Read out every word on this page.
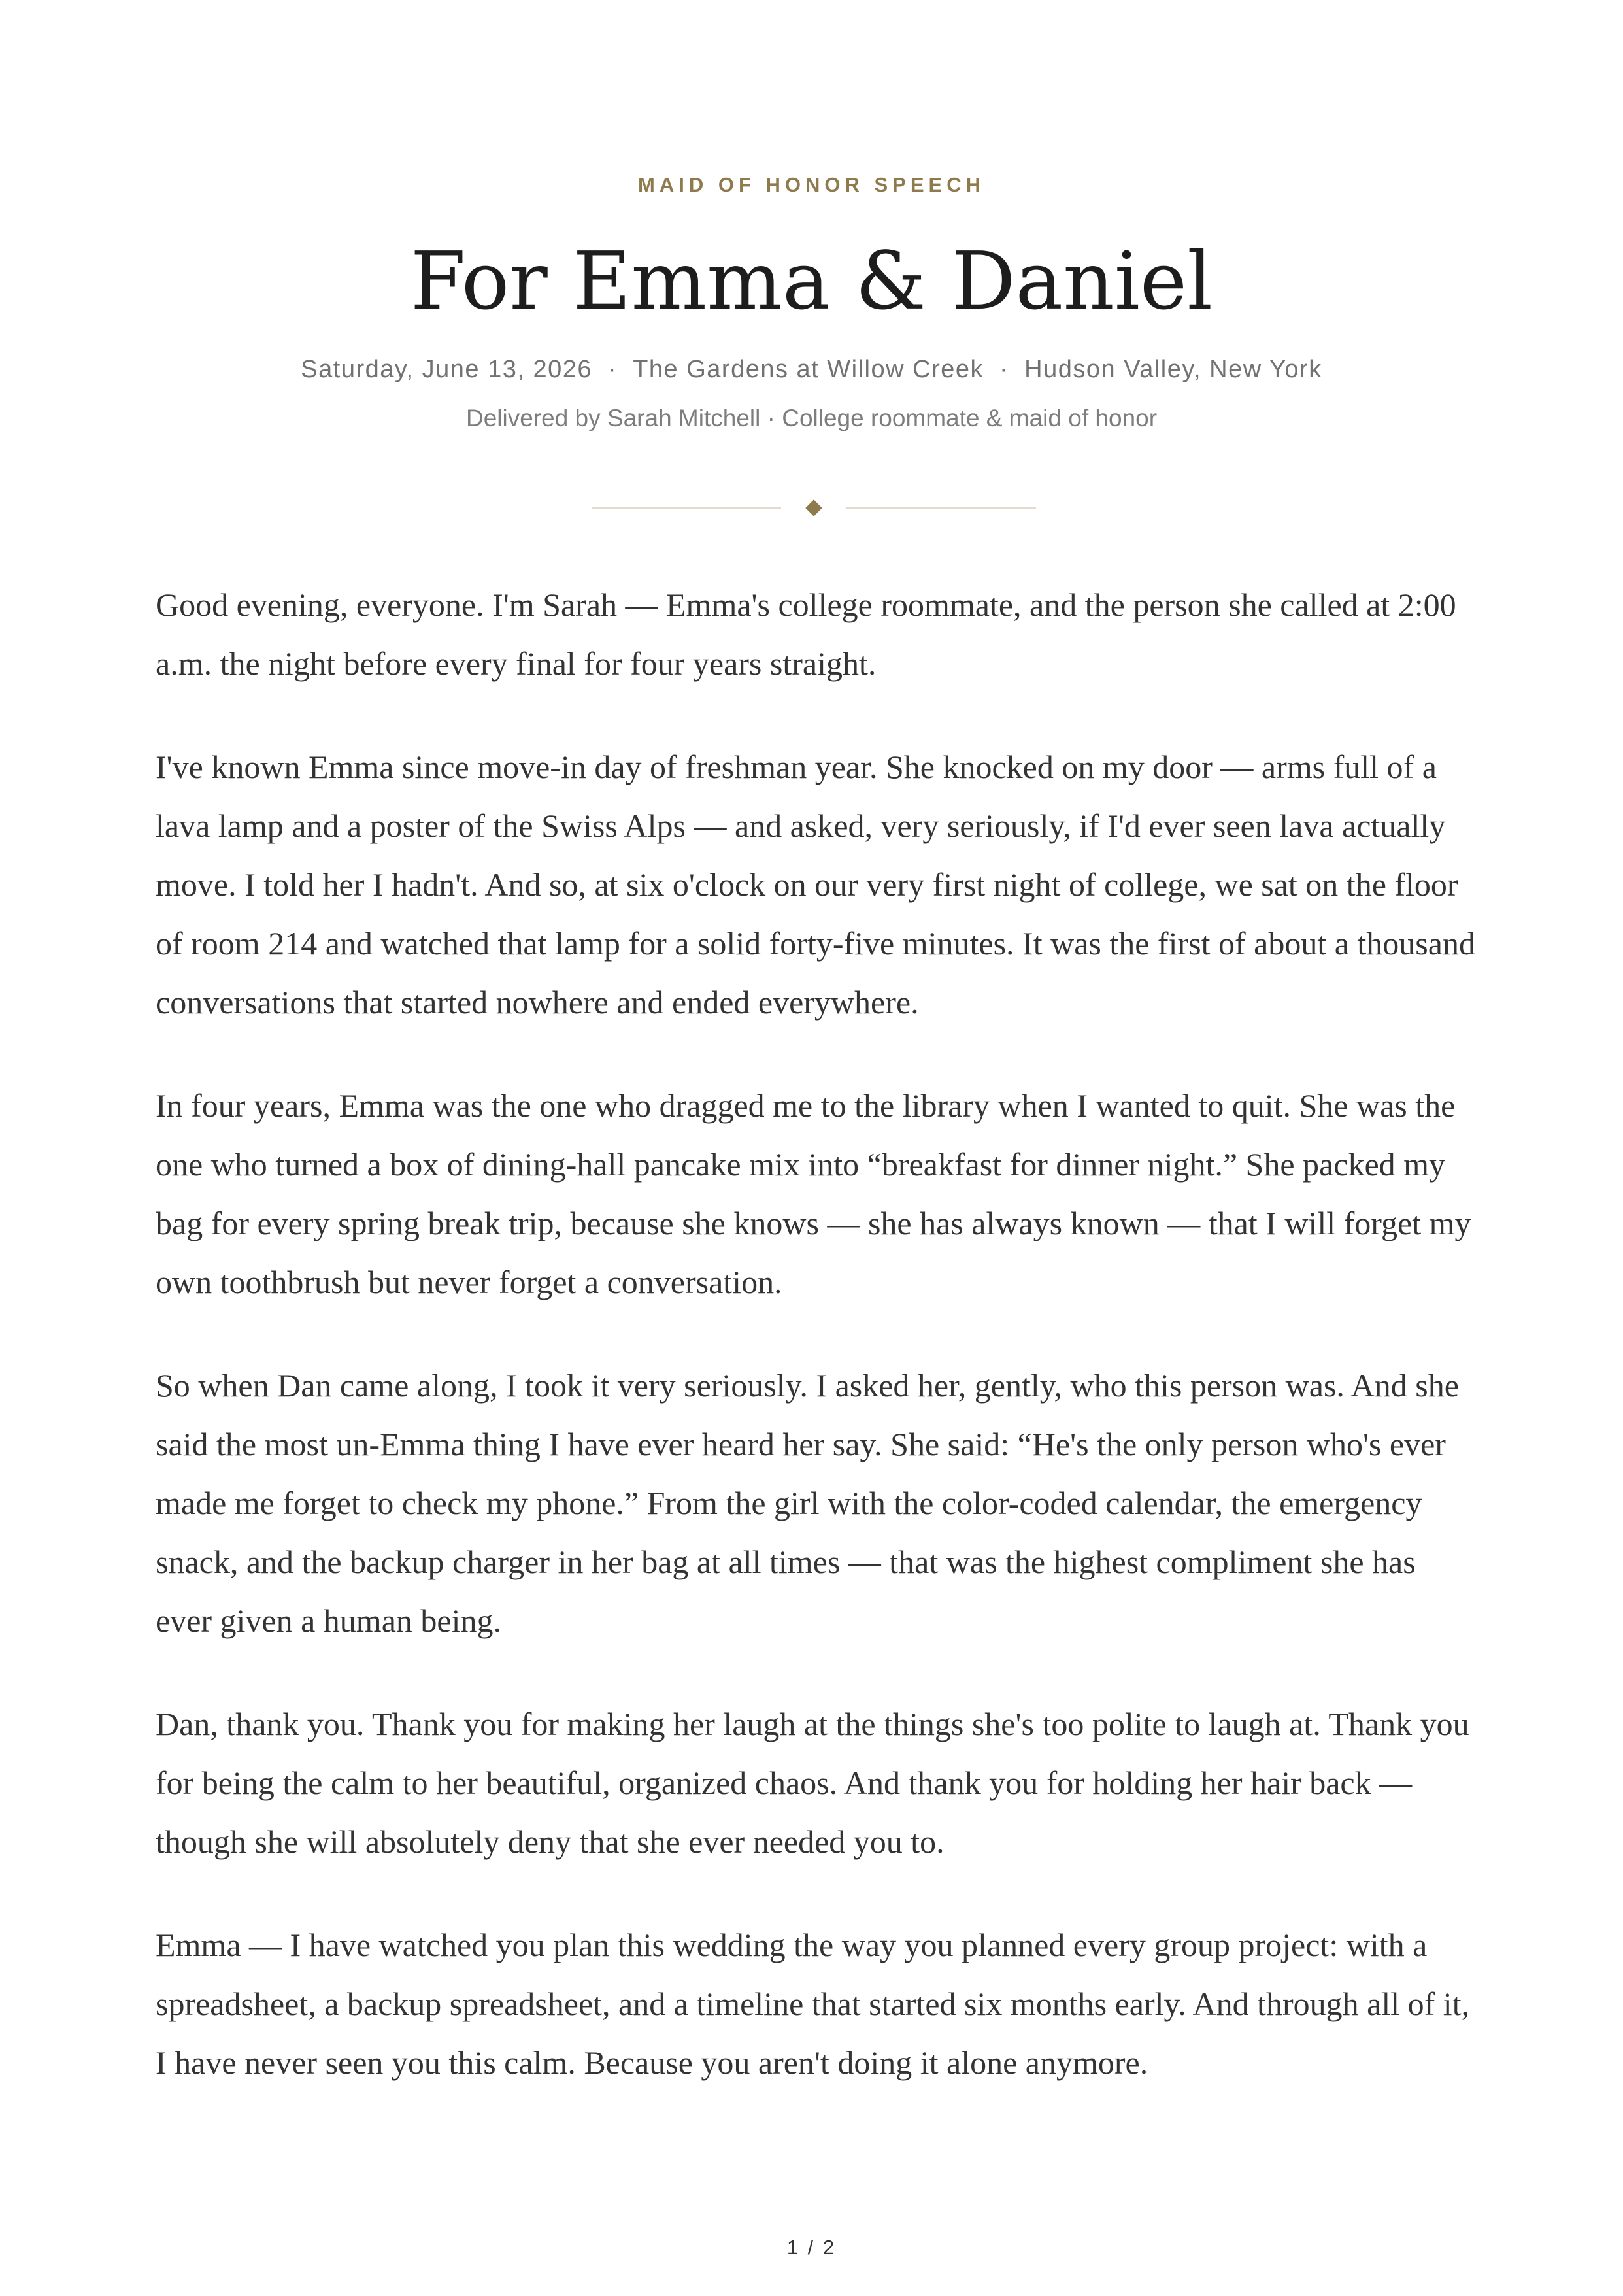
MAID OF HONOR SPEECH
For Emma & Daniel
Saturday, June 13, 2026 · The Gardens at Willow Creek · Hudson Valley, New York
Delivered by Sarah Mitchell · College roommate & maid of honor

Good evening, everyone. I'm Sarah — Emma's college roommate, and the person she called at 2:00 a.m. the night before every final for four years straight.

I've known Emma since move-in day of freshman year. She knocked on my door — arms full of a lava lamp and a poster of the Swiss Alps — and asked, very seriously, if I'd ever seen lava actually move. I told her I hadn't. And so, at six o'clock on our very first night of college, we sat on the floor of room 214 and watched that lamp for a solid forty-five minutes. It was the first of about a thousand conversations that started nowhere and ended everywhere.

In four years, Emma was the one who dragged me to the library when I wanted to quit. She was the one who turned a box of dining-hall pancake mix into “breakfast for dinner night.” She packed my bag for every spring break trip, because she knows — she has always known — that I will forget my own toothbrush but never forget a conversation.

So when Dan came along, I took it very seriously. I asked her, gently, who this person was. And she said the most un-Emma thing I have ever heard her say. She said: “He's the only person who's ever made me forget to check my phone.” From the girl with the color-coded calendar, the emergency snack, and the backup charger in her bag at all times — that was the highest compliment she has ever given a human being.

Dan, thank you. Thank you for making her laugh at the things she's too polite to laugh at. Thank you for being the calm to her beautiful, organized chaos. And thank you for holding her hair back — though she will absolutely deny that she ever needed you to.

Emma — I have watched you plan this wedding the way you planned every group project: with a spreadsheet, a backup spreadsheet, and a timeline that started six months early. And through all of it, I have never seen you this calm. Because you aren't doing it alone anymore.

1 / 2
